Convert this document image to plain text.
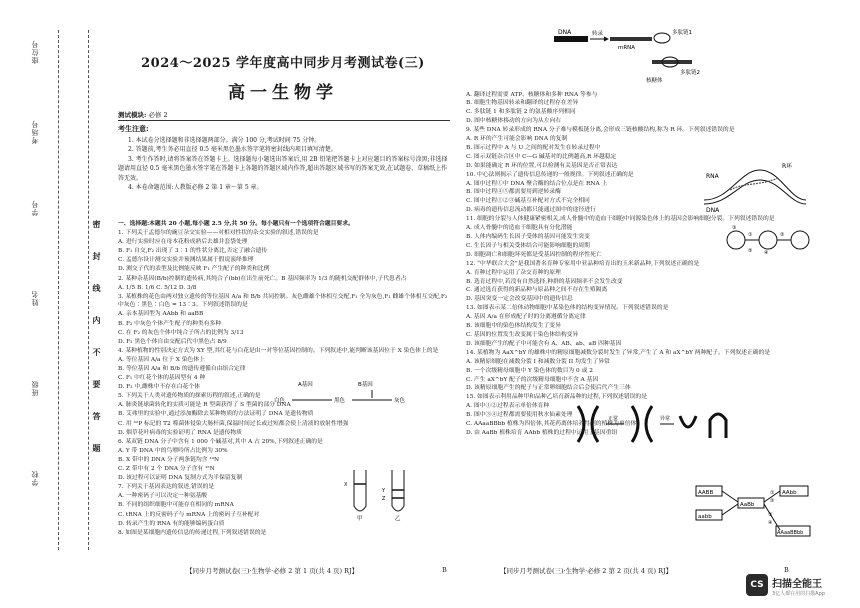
座位号
考场号
学号
姓名
班级
学校
密
封
线
内
不
要
答
题
2024～2025 学年度高中同步月考测试卷(三)
高一生物学
测试模块: 必修 2
考生注意:

1. 本试卷分选择题和非选择题两部分。满分 100 分,考试时间 75 分钟。

2. 答题前,考生务必用直径 0.5 毫米黑色墨水签字笔将密封线内项目填写清楚。

3. 考生作答时,请将答案答在答题卡上。选择题每小题选出答案后,用 2B 铅笔把答题卡上对应题目的答案标号涂黑;非选择题请用直径 0.5 毫米黑色墨水签字笔在答题卡上各题的答题区域内作答,超出答题区域书写的答案无效,在试题卷、草稿纸上作答无效。

4. 本卷命题范围:人教版必修 2 第 1 章～第 5 章。

一、选择题:本题共 20 小题,每小题 2.5 分,共 50 分。每小题只有一个选项符合题目要求。
1. 下列关于孟德尔的豌豆杂交实验——对相对性状的杂交实验的叙述,错误的是
A. 进行实验时应在母本花粉成熟后去雄并套袋处理
B. F₁ 自交,F₂ 出现了 3∶1 的性状分离比,否定了融合遗传
C. 孟德尔设计测交实验并预测结果属于假说演绎推理
D. 测交子代的表型及比例能反映 F₁ 产生配子的种类和比例
2. 某种杂基因(B/b)控制的遗传病,其纯合子(bb)在出生前死亡。B 基因频率为 1/3 的随机交配群体中,子代患者占
A. 1/5 B. 1/6 C. 5/12 D. 3/8
3. 某植株的花色由两对独立遗传的等位基因 A/a 和 B/b 共同控制。灰色雌雄个体相互交配,F₁ 全为灰色,F₁ 雌雄个体相互交配,F₂ 中灰色∶黑色∶白色 = 13∶3。下列叙述错误的是
A. 亲本基因型为 AAbb 和 aaBB
B. F₂ 中灰色个体产生配子的种类有多种
C. 在 F₂ 的灰色个体中纯合子所占的比例为 3/13
D. F₂ 黑色个体自由交配后代中黑色占 8/9
4. 某种植物的性别决定方式为 XY 型,其红花与白花是由一对等位基因控制的。下列叙述中,能判断该基因位于 X 染色体上的是
A. 等位基因 A/a 位于 X 染色体上
B. 等位基因 A/a 和 B/b 的遗传遵循自由组合定律
C. F₁ 中红花个体的基因型有 4 种
D. F₂ 中,雌株中不存在白花个体
5. 下列关于人类对遗传物质的探索历程的叙述,正确的是
A. 肺炎链球菌转化的实质可能是 R 型菌获得了 S 型菌的部分 DNA
B. 艾弗里的实验中,通过添加酶除去某种物质的方法证明了 DNA 是遗传物质
C. 用 ³²P 标记的 T2 噬菌体侵染大肠杆菌,保温时间过长或过短都会使上清液的放射性增强
D. 烟草花叶病毒的实验证明了 RNA 是遗传物质
6. 某双链 DNA 分子中含有 1 000 个碱基对,其中 A 占 20%,下列叙述正确的是
A. Y 带 DNA 中的鸟嘌呤所占比例为 30%
B. X 带中的 DNA 分子两条链均含 ¹⁴N
C. Z 带中有 2 个 DNA 分子含有 ¹⁵N
D. 该过程可以证明 DNA 复制方式为半保留复制
7. 下列关于基因表达的叙述,错误的是
A. 一种密码子可以决定一种氨基酸
B. 不同的组织细胞中可能存在相同的 mRNA
C. tRNA 上的反密码子与 mRNA 上的密码子互补配对
D. 转录产生的 RNA 有的能够编码蛋白质
8. 如图是某细胞内遗传信息的传递过程,下列叙述错误的是
A. 翻译过程需要 ATP、核糖体和多种 RNA 等参与
B. 细胞生物基因转录和翻译的过程存在差异
C. 多肽链 1 和多肽链 2 的氨基酸序列相同
D. 图中核糖体移动的方向为从左向右
9. 某些 DNA 转录形成的 RNA 分子难与模板链分离,会形成三链核酸结构,称为 R 环。下列叙述错误的是
A. R 环的产生可能会影响 DNA 的复制
B. 图示过程中 A 与 U 之间的配对发生在转录过程中
C. 图示双链杂合区中 C—G 碱基对的比例越高,R 环越稳定
D. 如果能确定 R 环的位置,可以检测有关基因是否正常表达
10. 中心法则揭示了遗传信息传递的一般规律。下列叙述正确的是
A. 图中过程①中 DNA 聚合酶的结合位点是在 RNA 上
B. 图中过程④⑤都需要用到逆转录酶
C. 图中过程①②③碱基互补配对方式不完全相同
D. 病毒的遗传信息流动都只能通过图中的途径进行
11. 细胞的分裂与人体健康紧密相关,成人骨髓中的造血干细胞中同源染色体上的基因会影响细胞分裂。下列叙述错误的是
A. 成人骨髓中的造血干细胞具有分化潜能
B. 人体内编码生长因子受体的基因可能发生突变
C. 生长因子与相关受体结合可能影响细胞的周期
D. 细胞凋亡和细胞坏死都是受基因控制的程序性死亡
12. “中华联合大会”是我国著名育种专家用中亚品种培育出的玉米新品种,下列叙述正确的是
A. 育种过程中运用了杂交育种的原理
B. 选育过程中,若没有自然选择,种群的基因频率不会发生改变
C. 通过选育获得的新品种与原品种之间不存在生殖隔离
D. 基因突变一定会改变基因中的遗传信息
13. 如图表示某二倍体动物细胞中某染色体的结构变异情况。下列叙述错误的是
A. 基因 A/a 在形成配子时的分离遵循分离定律
B. 该细胞中的染色体结构发生了变异
C. 基因的位置发生改变属于染色体结构变异
D. 该细胞产生的配子中可能含有 A、AB、ab、aB 四种基因
14. 某植物为 AaX^bY 的雄株中的精原细胞减数分裂时发生了异常,产生了 A 和 aX^bY 两种配子。下列叙述正确的是
A. 该精原细胞在减数分裂 I 和减数分裂 II 均发生了异常
B. 一个次级精母细胞中 Y 染色体的数目为 0 或 2
C. 产生 aX^bY 配子的次级精母细胞中不含 A 基因
D. 该精原细胞产生的配子与正常卵细胞结合后会使后代产生三体
15. 如图表示利用品种甲和品种乙培育新品种的过程,下列叙述错误的是
A. 图中①②过程表示单倍体育种
B. 图中③④过程都需要使用秋水仙素处理
C. AAaaBBbb 植株为四倍体,其花药离体培养得到的植株为单倍体
D. 由 AaBb 植株培育 AAbb 植株的过程中运用了基因重组
DNA	转录
mRNA
多肽链1
多肽链2
核糖体
RNA
DNA
R环
①	②
③
④
⑤
A基因	B基因
白色	黑色	灰色
X
Y
Z
甲	乙
正常	异常
AABB
aabb
AaBb
AAbb
AAaaBBbb
①
②
③
④
【同步月考测试卷(三)·生物学·必修 2 第 1 页(共 4 页) RJ】	B	【同步月考测试卷(三)·生物学·必修 2 第 2 页(共 4 页) RJ】	B
CS 扫描全能王
3亿人都在用的扫描App
